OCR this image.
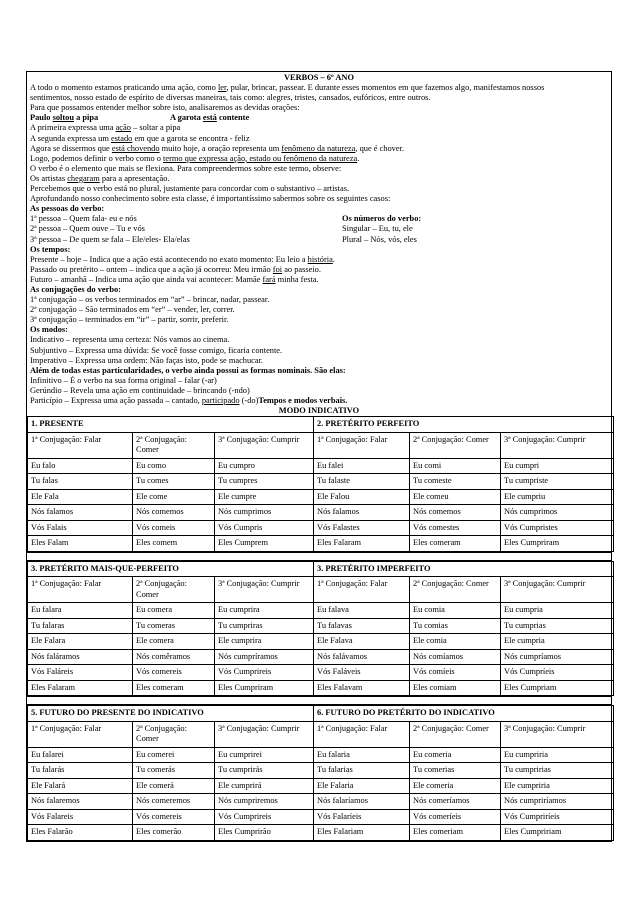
VERBOS – 6º ANO
A todo o momento estamos praticando uma ação, como ler, pular, brincar, passear. E durante esses momentos em que fazemos algo, manifestamos nossos
sentimentos, nosso estado de espírito de diversas maneiras, tais como: alegres, tristes, cansados, eufóricos, entre outros.
Para que possamos entender melhor sobre isto, analisaremos as devidas orações:
Paulo soltou a pipa	A garota está contente
A primeira expressa uma ação – soltar a pipa
A segunda expressa um estado em que a garota se encontra - feliz
Agora se dissermos que está chovendo muito hoje, a oração representa um fenômeno da natureza, que é chover.
Logo, podemos definir o verbo como o termo que expressa ação, estado ou fenômeno da natureza.
O verbo é o elemento que mais se flexiona. Para compreendermos sobre este termo, observe:
Os artistas chegaram para a apresentação.
Percebemos que o verbo está no plural, justamente para concordar com o substantivo – artistas.
Aprofundando nosso conhecimento sobre esta classe, é importantíssimo sabermos sobre os seguintes casos:
As pessoas do verbo:
1ª pessoa – Quem fala- eu e nós
2ª pessoa – Quem ouve – Tu e vós
3ª pessoa – De quem se fala – Ele/eles- Ela/elas

Os números do verbo:
Singular – Eu, tu, ele
Plural – Nós, vós, eles
Os tempos:
Presente – hoje – Indica que a ação está acontecendo no exato momento: Eu leio a história.
Passado ou pretérito – ontem – indica que a ação já ocorreu: Meu irmão foi ao passeio.
Futuro – amanhã – Indica uma ação que ainda vai acontecer: Mamãe fará minha festa.
As conjugações do verbo:
1ª conjugação – os verbos terminados em “ar” – brincar, nadar, passear.
2ª conjugação – São terminados em “er” – vender, ler, correr.
3ª conjugação – terminados em “ir” – partir, sorrir, preferir.
Os modos:
Indicativo – representa uma certeza: Nós vamos ao cinema.
Subjuntivo – Expressa uma dúvida: Se você fosse comigo, ficaria contente.
Imperativo – Expressa uma ordem: Não faças isto, pode se machucar.
Além de todas estas particularidades, o verbo ainda possui as formas nominais. São elas:
Infinitivo – É o verbo na sua forma original – falar (-ar)
Gerúndio – Revela uma ação em continuidade – brincando (-ndo)
Particípio – Expressa uma ação passada – cantado, participado (-do)Tempos e modos verbais.
MODO INDICATIVO
1. PRESENTE			2. PRETÉRITO PERFEITO		
1ª Conjugação: Falar	2ª Conjugação: Comer	3ª Conjugação: Cumprir	1ª Conjugação: Falar	2ª Conjugação: Comer	3ª Conjugação: Cumprir
Eu falo	Eu como	Eu cumpro	Eu falei	Eu comi	Eu cumpri
Tu falas	Tu comes	Tu cumpres	Tu falaste	Tu comeste	Tu cumpriste
Ele Fala	Ele come	Ele cumpre	Ele Falou	Ele comeu	Ele cumpriu
Nós falamos	Nós comemos	Nós cumprimos	Nós falamos	Nós comemos	Nós cumprimos
Vós Falais	Vós comeis	Vós Cumpris	Vós Falastes	Vós comestes	Vós Cumpristes
Eles Falam	Eles comem	Eles Cumprem	Eles Falaram	Eles comeram	Eles Cumpriram
3. PRETÉRITO MAIS-QUE-PERFEITO			3. PRETÉRITO IMPERFEITO		
1ª Conjugação: Falar	2ª Conjugação: Comer	3ª Conjugação: Cumprir	1ª Conjugação: Falar	2ª Conjugação: Comer	3ª Conjugação: Cumprir
Eu falara	Eu comera	Eu cumprira	Eu falava	Eu comia	Eu cumpria
Tu falaras	Tu comeras	Tu cumpriras	Tu falavas	Tu comias	Tu cumprias
Ele Falara	Ele comera	Ele cumprira	Ele Falava	Ele comia	Ele cumpria
Nós faláramos	Nós comêramos	Nós cumpríramos	Nós falávamos	Nós comíamos	Nós cumpríamos
Vós Faláreis	Vós comereis	Vós Cumprireis	Vós Faláveis	Vós comíeis	Vós Cumpríeis
Eles Falaram	Eles comeram	Eles Cumpriram	Eles Falavam	Eles comiam	Eles Cumpriam
5. FUTURO DO PRESENTE DO INDICATIVO			6. FUTURO DO PRETÉRITO DO INDICATIVO		
1ª Conjugação: Falar	2ª Conjugação: Comer	3ª Conjugação: Cumprir	1ª Conjugação: Falar	2ª Conjugação: Comer	3ª Conjugação: Cumprir
Eu falarei	Eu comerei	Eu cumprirei	Eu falaria	Eu comeria	Eu cumpriria
Tu falarás	Tu comerás	Tu cumprirás	Tu falarias	Tu comerias	Tu cumpririas
Ele Falará	Ele comerá	Ele cumprirá	Ele Falaria	Ele comeria	Ele cumpriria
Nós falaremos	Nós comeremos	Nós cumpriremos	Nós falaríamos	Nós comeríamos	Nós cumpriríamos
Vós Falareis	Vós comereis	Vós Cumprireis	Vós Falaríeis	Vós comeríeis	Vós Cumpriríeis
Eles Falarão	Eles comerão	Eles Cumprirão	Eles Falariam	Eles comeriam	Eles Cumpririam
